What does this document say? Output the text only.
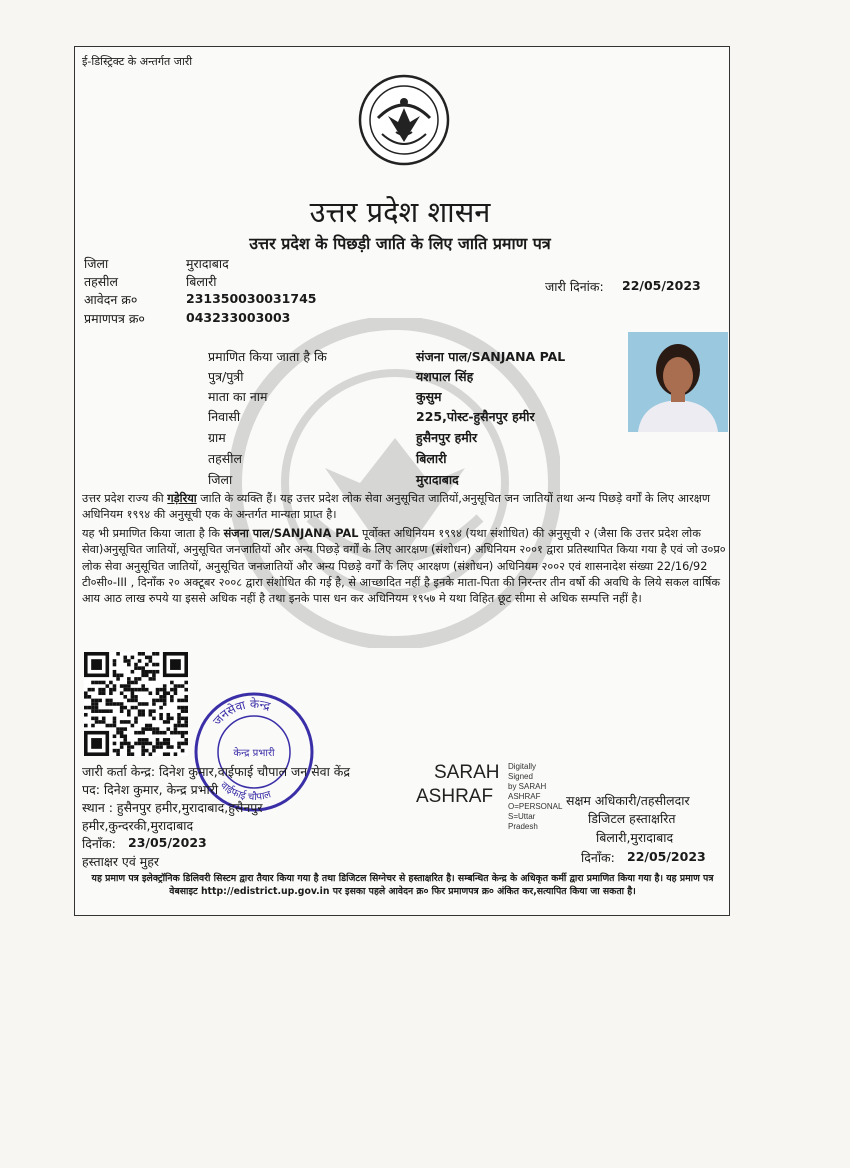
ई-डिस्ट्रिक्ट के अन्तर्गत जारी
उत्तर प्रदेश शासन
उत्तर प्रदेश के पिछड़ी जाति के लिए जाति प्रमाण पत्र
जिला	मुरादाबाद
तहसील	बिलारी
आवेदन क्र०	231350030031745
प्रमाणपत्र क्र०	043233003003
जारी दिनांक: 22/05/2023
प्रमाणित किया जाता है कि	संजना पाल/SANJANA PAL
पुत्र/पुत्री	यशपाल सिंह
माता का नाम	कुसुम
निवासी	225,पोस्ट-हुसैनपुर हमीर
ग्राम	हुसैनपुर हमीर
तहसील	बिलारी
जिला	मुरादाबाद
उत्तर प्रदेश राज्य की गड़ेरिया जाति के व्यक्ति हैं। यह उत्तर प्रदेश लोक सेवा अनुसूचित जातियों,अनुसूचित जन जातियों तथा अन्य पिछड़े वर्गों के लिए आरक्षण अधिनियम १९९४ की अनुसूची एक के अन्तर्गत मान्यता प्राप्त है।
यह भी प्रमाणित किया जाता है कि संजना पाल/SANJANA PAL पूर्वोक्त अधिनियम १९९४ (यथा संशोधित) की अनुसूची २ (जैसा कि उत्तर प्रदेश लोक सेवा)अनुसूचित जातियों, अनुसूचित जनजातियों और अन्य पिछड़े वर्गों के लिए आरक्षण (संशोधन) अधिनियम २००१ द्वारा प्रतिस्थापित किया गया है एवं जो उ०प्र० लोक सेवा अनुसूचित जातियों, अनुसूचित जनजातियों और अन्य पिछड़े वर्गों के लिए आरक्षण (संशोधन) अधिनियम २००२ एवं शासनादेश संख्या 22/16/92 टी०सी०-III , दिनाँक २० अक्टूबर २००८ द्वारा संशोधित की गई है, से आच्छादित नहीं है इनके माता-पिता की निरन्तर तीन वर्षो की अवधि के लिये सकल वार्षिक आय आठ लाख रुपये या इससे अधिक नहीं है तथा इनके पास धन कर अधिनियम १९५७ मे यथा विहित छूट सीमा से अधिक सम्पत्ति नहीं है।
जनसेवा केन्द्र
वाईफाई चौपाल
केन्द्र प्रभारी
जारी कर्ता केन्द्र: दिनेश कुमार,वाईफाई चौपाल जन सेवा केंद्र
पद: दिनेश कुमार, केन्द्र प्रभारी
स्थान : हुसैनपुर हमीर,मुरादाबाद,हुसैनपुर
हमीर,कुन्दरकी,मुरादाबाद
दिनाँक: 23/05/2023
हस्ताक्षर एवं मुहर
SARAH
ASHRAF
Digitally Signed
by SARAH
ASHRAF
O=PERSONAL
S=Uttar
Pradesh
सक्षम अधिकारी/तहसीलदार
डिजिटल हस्ताक्षरित
बिलारी,मुरादाबाद
दिनाँक: 22/05/2023
यह प्रमाण पत्र इलेक्ट्रॉनिक डिलिवरी सिस्टम द्वारा तैयार किया गया है तथा डिजिटल सिग्नेचर से हस्ताक्षरित है। सम्बन्धित केन्द्र के अधिकृत कर्मी द्वारा प्रमाणित किया गया है। यह प्रमाण पत्र वेबसाइट http://edistrict.up.gov.in पर इसका पहले आवेदन क्र० फिर प्रमाणपत्र क्र० अंकित कर,सत्यापित किया जा सकता है।
